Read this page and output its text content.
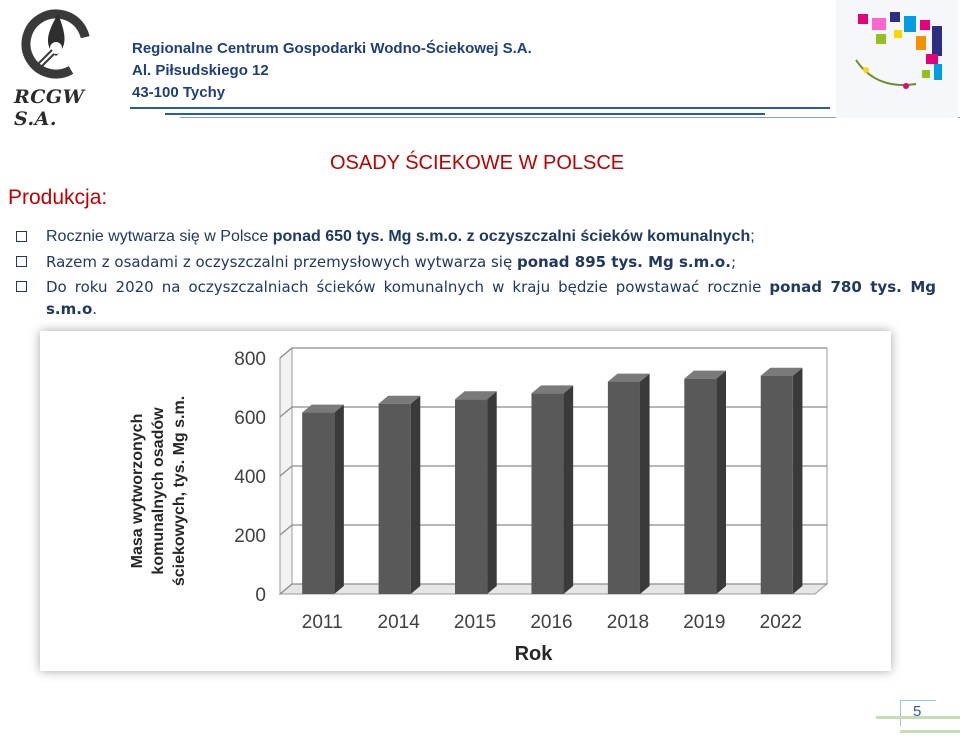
RCGW S.A.
Regionalne Centrum Gospodarki Wodno-Ściekowej S.A.
Al. Piłsudskiego 12
43-100 Tychy
Produkcja:
OSADY ŚCIEKOWE W POLSCE
Rocznie wytwarza się w Polsce ponad 650 tys. Mg s.m.o. z oczyszczalni ścieków komunalnych;
Razem z osadami z oczyszczalni przemysłowych wytwarza się ponad 895 tys. Mg s.m.o.;
Do roku 2020 na oczyszczalniach ścieków komunalnych w kraju będzie powstawać rocznie ponad 780 tys. Mg s.m.o.
0
200
400
600
800
2011 2014 2015 2016 2018 2019 2022
Rok
Masa wytworzonych komunalnych osadów ściekowych, tys. Mg s.m.
5
